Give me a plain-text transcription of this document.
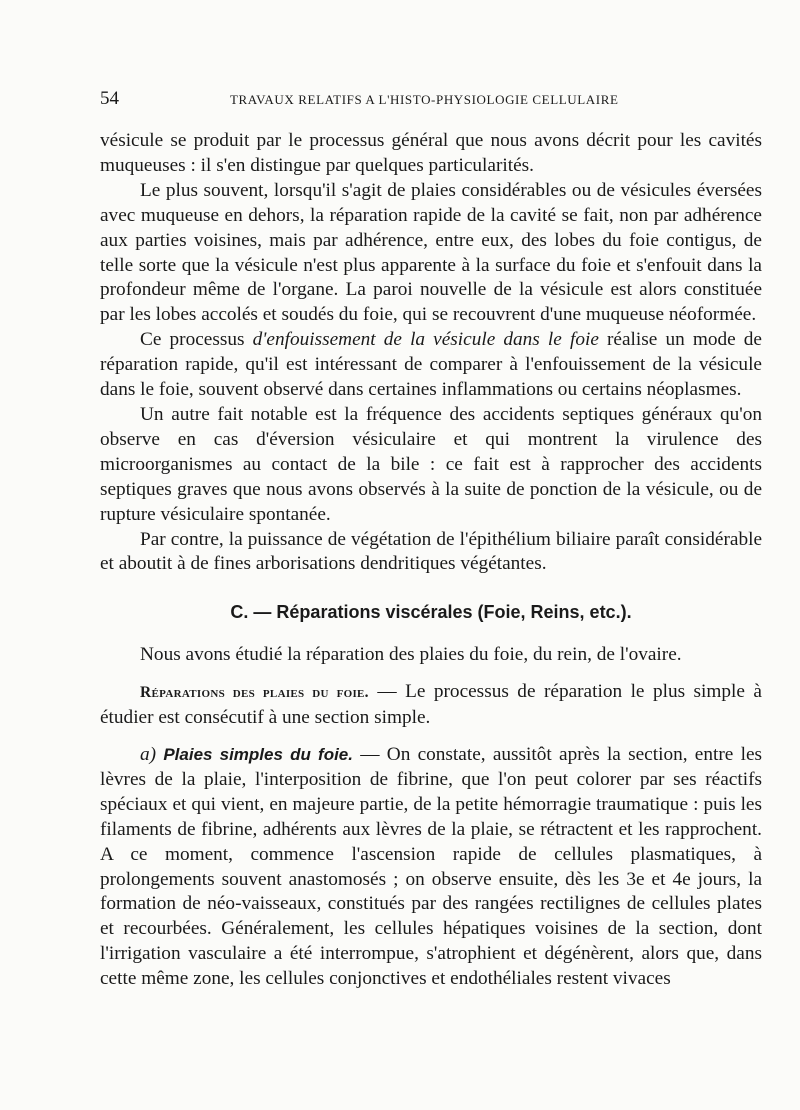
54	TRAVAUX RELATIFS A L'HISTO-PHYSIOLOGIE CELLULAIRE

vésicule se produit par le processus général que nous avons décrit pour les cavités muqueuses : il s'en distingue par quelques particularités.

Le plus souvent, lorsqu'il s'agit de plaies considérables ou de vésicules éversées avec muqueuse en dehors, la réparation rapide de la cavité se fait, non par adhérence aux parties voisines, mais par adhérence, entre eux, des lobes du foie contigus, de telle sorte que la vésicule n'est plus apparente à la surface du foie et s'enfouit dans la profondeur même de l'organe. La paroi nouvelle de la vésicule est alors constituée par les lobes accolés et soudés du foie, qui se recouvrent d'une muqueuse néoformée.

Ce processus d'enfouissement de la vésicule dans le foie réalise un mode de réparation rapide, qu'il est intéressant de comparer à l'enfouissement de la vésicule dans le foie, souvent observé dans certaines inflammations ou certains néoplasmes.

Un autre fait notable est la fréquence des accidents septiques généraux qu'on observe en cas d'éversion vésiculaire et qui montrent la virulence des microorganismes au contact de la bile : ce fait est à rapprocher des accidents septiques graves que nous avons observés à la suite de ponction de la vésicule, ou de rupture vésiculaire spontanée.

Par contre, la puissance de végétation de l'épithélium biliaire paraît considérable et aboutit à de fines arborisations dendritiques végétantes.

C. — Réparations viscérales (Foie, Reins, etc.).

Nous avons étudié la réparation des plaies du foie, du rein, de l'ovaire.

Réparations des plaies du foie. — Le processus de réparation le plus simple à étudier est consécutif à une section simple.

a) Plaies simples du foie. — On constate, aussitôt après la section, entre les lèvres de la plaie, l'interposition de fibrine, que l'on peut colorer par ses réactifs spéciaux et qui vient, en majeure partie, de la petite hémorragie traumatique : puis les filaments de fibrine, adhérents aux lèvres de la plaie, se rétractent et les rapprochent. A ce moment, commence l'ascension rapide de cellules plasmatiques, à prolongements souvent anastomosés ; on observe ensuite, dès les 3e et 4e jours, la formation de néo-vaisseaux, constitués par des rangées rectilignes de cellules plates et recourbées. Généralement, les cellules hépatiques voisines de la section, dont l'irrigation vasculaire a été interrompue, s'atrophient et dégénèrent, alors que, dans cette même zone, les cellules conjonctives et endothéliales restent vivaces
